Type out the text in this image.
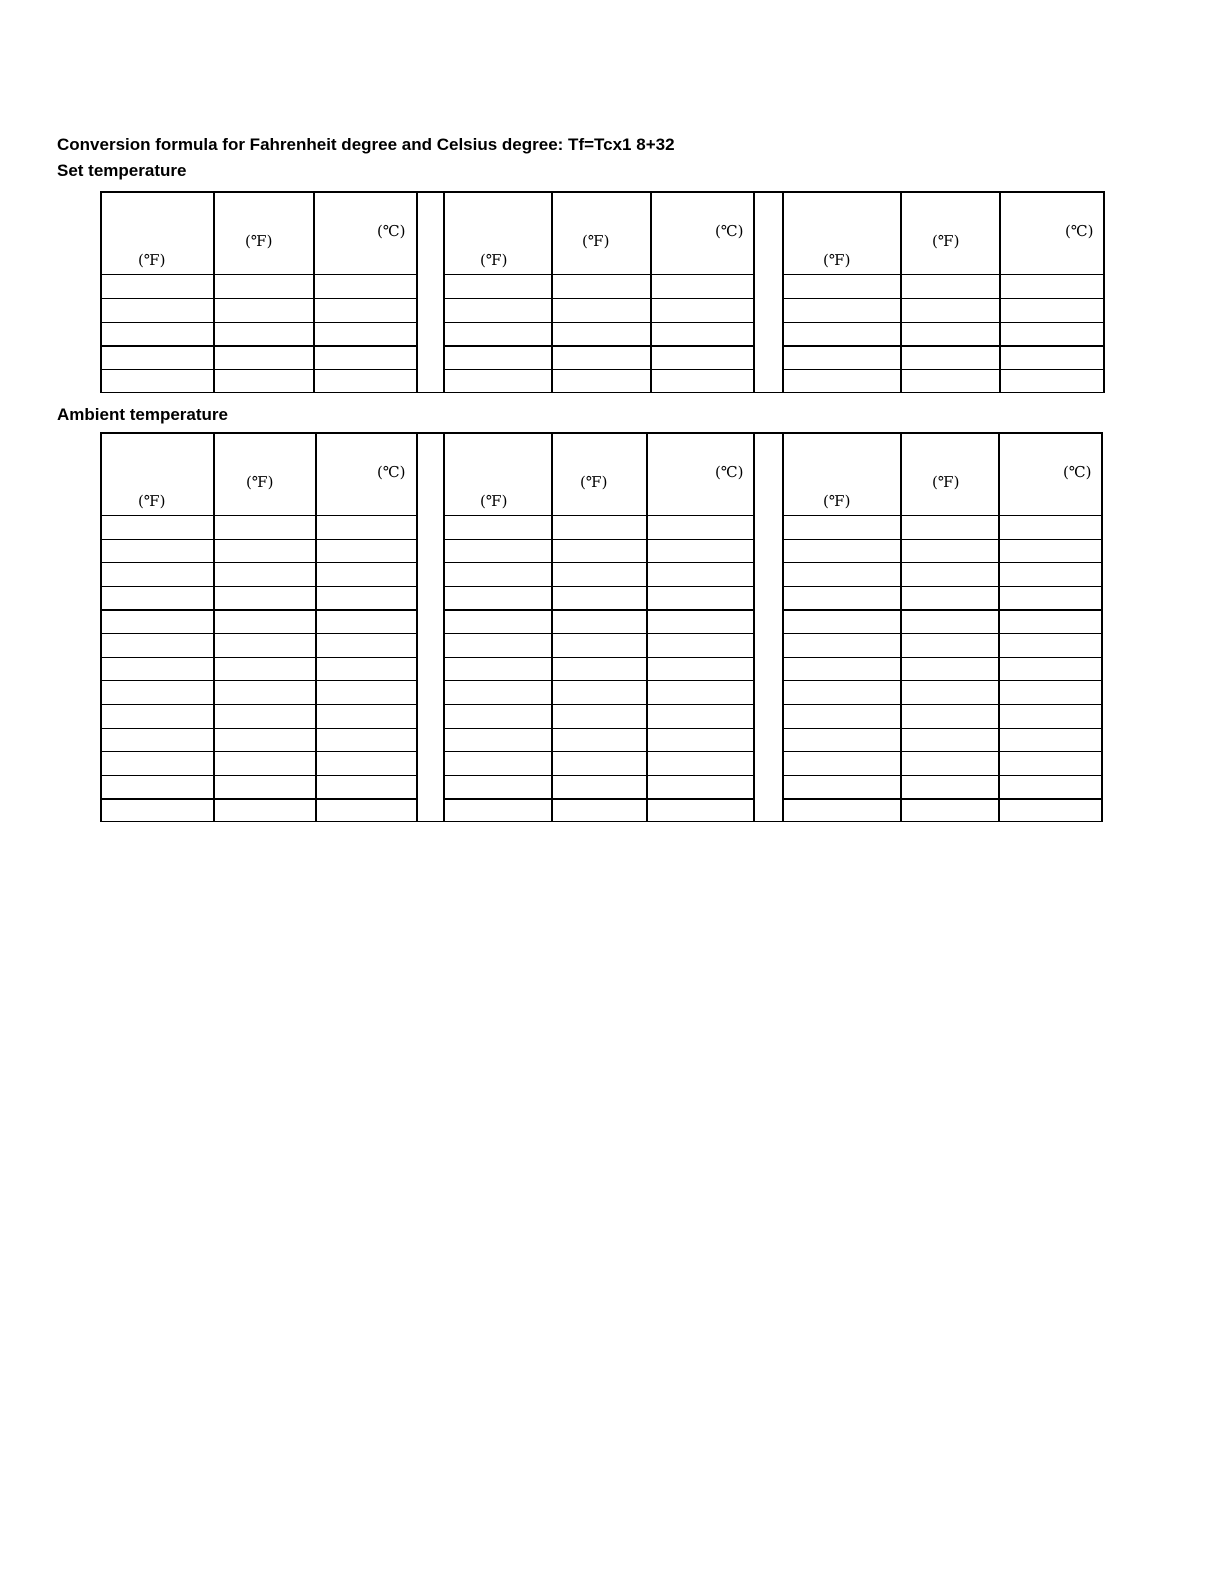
Conversion formula for Fahrenheit degree and Celsius degree: Tf=Tcx1 8+32
Set temperature
(℉)
(℉)
(℃)
(℉)
(℉)
(℃)
(℉)
(℉)
(℃)
Ambient temperature
(℉)
(℉)
(℃)
(℉)
(℉)
(℃)
(℉)
(℉)
(℃)
